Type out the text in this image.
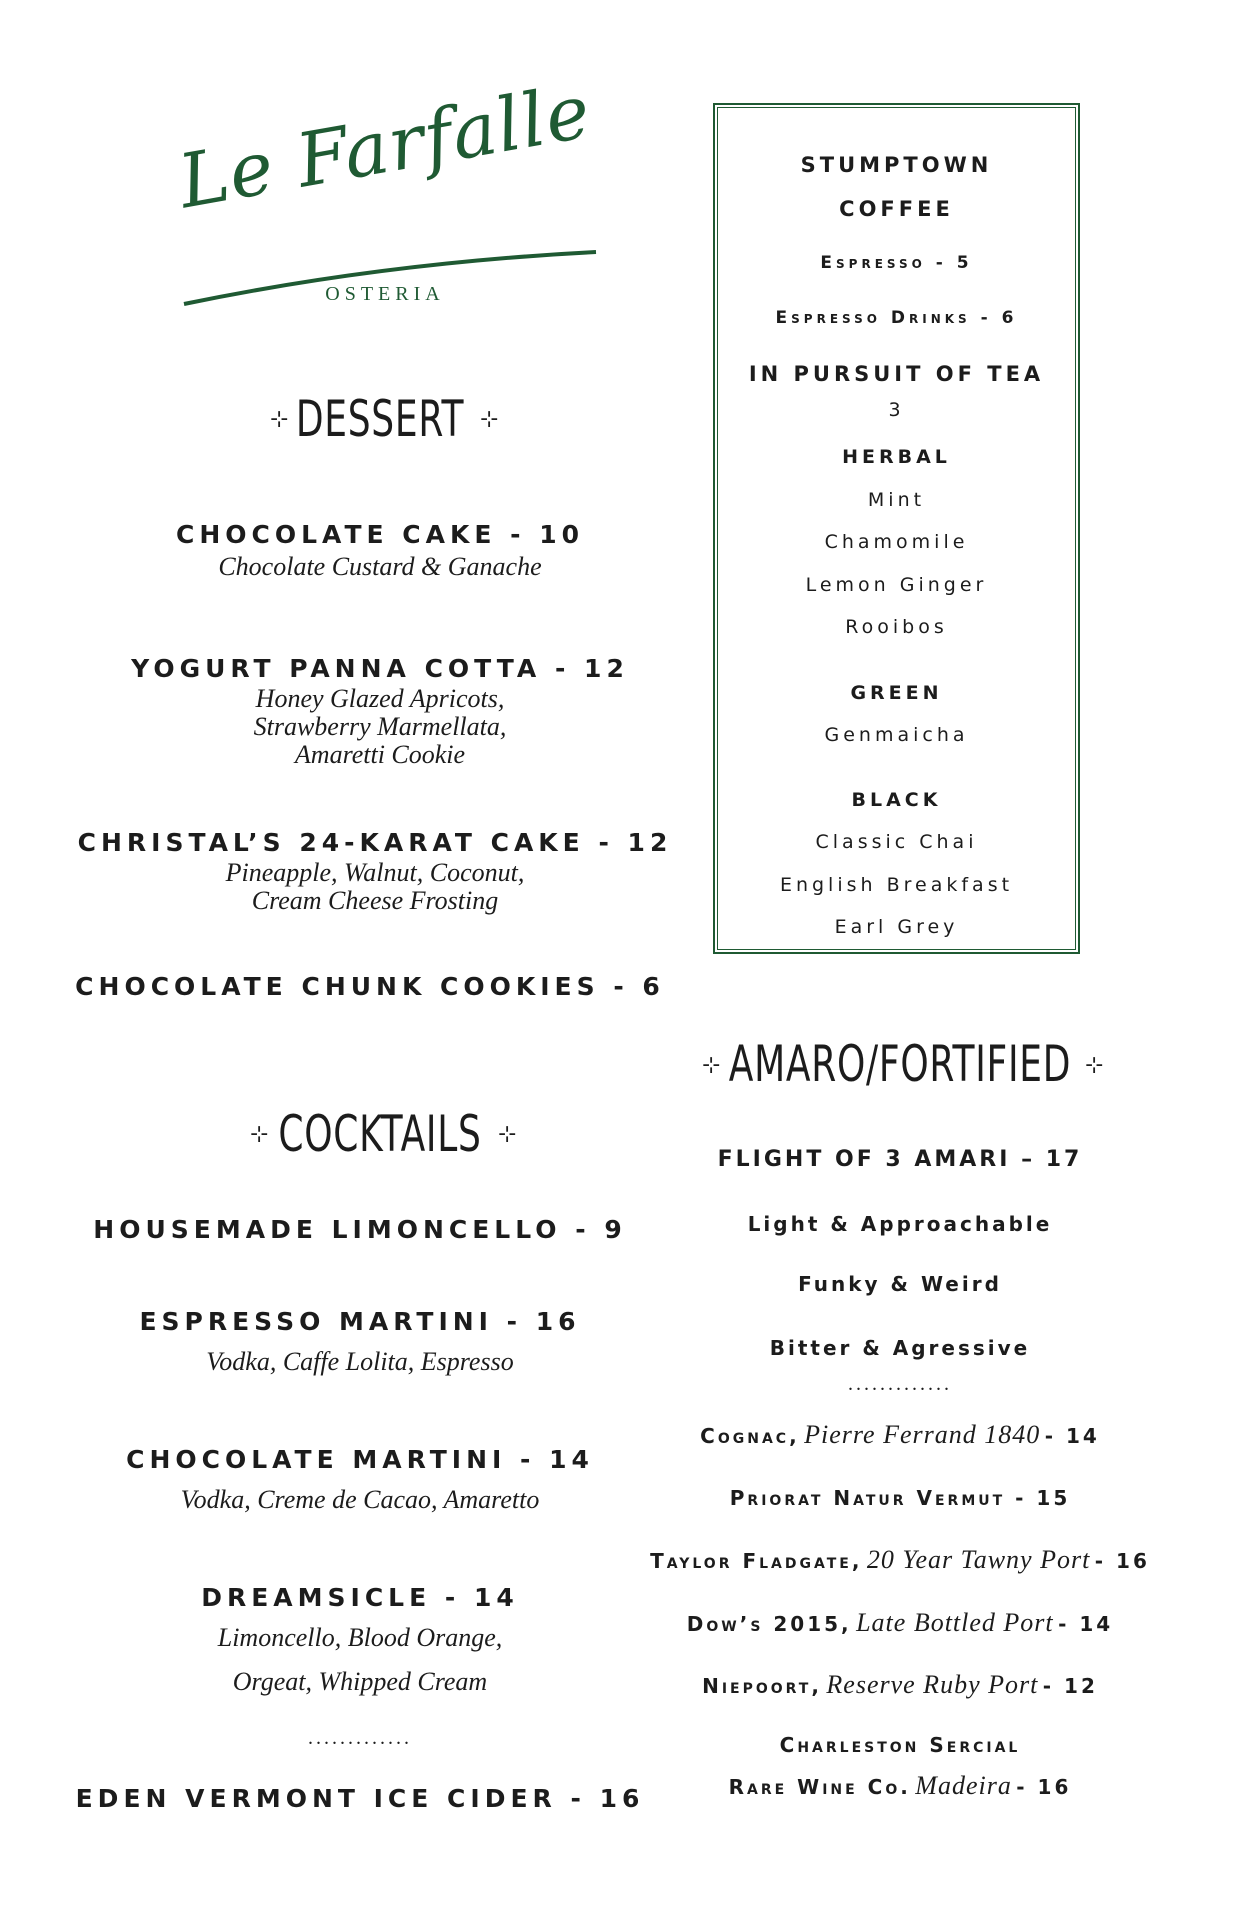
Le Farfalle
OSTERIA
⊹ DESSERT ⊹
CHOCOLATE CAKE - 10
Chocolate Custard & Ganache
YOGURT PANNA COTTA - 12
Honey Glazed Apricots,
Strawberry Marmellata,
Amaretti Cookie
CHRISTAL’S 24-KARAT CAKE - 12
Pineapple, Walnut, Coconut,
Cream Cheese Frosting
CHOCOLATE CHUNK COOKIES - 6
⊹ COCKTAILS ⊹
HOUSEMADE LIMONCELLO - 9
ESPRESSO MARTINI - 16
Vodka, Caffe Lolita, Espresso
CHOCOLATE MARTINI - 14
Vodka, Creme de Cacao, Amaretto
DREAMSICLE - 14
Limoncello, Blood Orange,
Orgeat, Whipped Cream
.............
EDEN VERMONT ICE CIDER - 16
STUMPTOWN
COFFEE
Espresso - 5
Espresso Drinks - 6
IN PURSUIT OF TEA
3
HERBAL
Mint
Chamomile
Lemon Ginger
Rooibos
GREEN
Genmaicha
BLACK
Classic Chai
English Breakfast
Earl Grey
⊹ AMARO/FORTIFIED ⊹
FLIGHT OF 3 AMARI – 17
Light & Approachable
Funky & Weird
Bitter & Agressive
.............
Cognac, Pierre Ferrand 1840 - 14
Priorat Natur Vermut - 15
Taylor Fladgate, 20 Year Tawny Port - 16
Dow’s 2015, Late Bottled Port - 14
Niepoort, Reserve Ruby Port - 12
Charleston Sercial
Rare Wine Co. Madeira - 16
